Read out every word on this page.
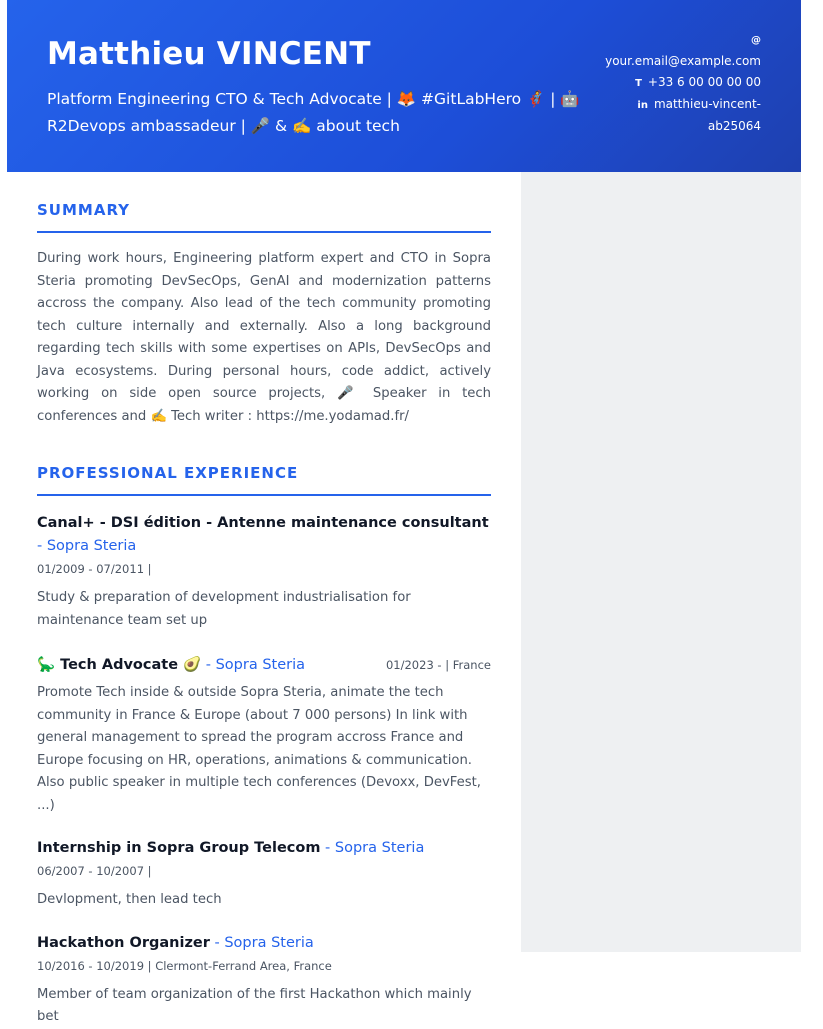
Matthieu VINCENT
Platform Engineering CTO & Tech Advocate | 🦊 #GitLabHero 🦸 | 🤖
R2Devops ambassadeur | 🎤 & ✍️ about tech
@
your.email@example.com
T +33 6 00 00 00 00
in matthieu-vincent-
ab25064
SUMMARY
During work hours, Engineering platform expert and CTO in Sopra Steria promoting DevSecOps, GenAI and modernization patterns accross the company. Also lead of the tech community promoting tech culture internally and externally. Also a long background regarding tech skills with some expertises on APIs, DevSecOps and Java ecosystems. During personal hours, code addict, actively working on side open source projects, 🎤 Speaker in tech conferences and ✍️ Tech writer : https://me.yodamad.fr/
PROFESSIONAL EXPERIENCE
Canal+ - DSI édition - Antenne maintenance consultant - Sopra Steria
01/2009 - 07/2011 |
Study & preparation of development industrialisation for maintenance team set up
🦕 Tech Advocate 🥑 - Sopra Steria	01/2023 - | France
Promote Tech inside & outside Sopra Steria, animate the tech community in France & Europe (about 7 000 persons) In link with general management to spread the program accross France and Europe focusing on HR, operations, animations & communication. Also public speaker in multiple tech conferences (Devoxx, DevFest, ...)
Internship in Sopra Group Telecom - Sopra Steria
06/2007 - 10/2007 |
Devlopment, then lead tech
Hackathon Organizer - Sopra Steria
10/2016 - 10/2019 | Clermont-Ferrand Area, France
Member of team organization of the first Hackathon which mainly bet
